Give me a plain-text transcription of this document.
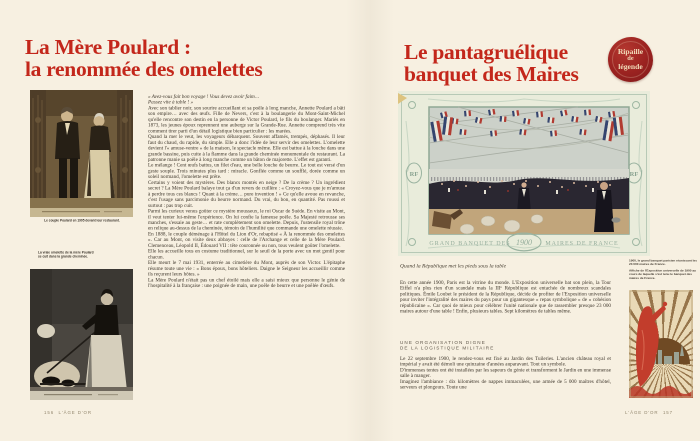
La Mère Poulard :
la renommée des omelettes
Le couple Poulard en 1905 devant leur restaurant.
La vraie omelette de la mère Poulard
se cuit dans la grande cheminée.

« Avez-vous fait bon voyage ! Vous devez avoir faim…

Passez vite à table ! »

Avec son tablier noir, son sourire accueillant et sa poêle à long manche, Annette Poulard a bâti son empire… avec des œufs. Fille de Nevers, c'est à la boulangerie du Mont-Saint-Michel qu'elle rencontre son destin en la personne de Victor Poulard, le fils du boulanger. Mariés en 1873, les jeunes époux reprennent une auberge sur la Grande-Rue. Annette comprend très vite comment tirer parti d'un détail logistique bien particulier : les marées.

Quand la mer le veut, les voyageurs débarquent. Souvent affamés, trempés, déphasés. Il leur faut du chaud, du rapide, du simple. Elle a donc l'idée de leur servir des omelettes. L'omelette devient l'« amuse-ventre » de la maison, le spectacle même. Elle est battue à la louche dans une grande bassine, puis cuite à la flamme dans la grande cheminée monumentale du restaurant. La patronne manie sa poêle à long manche comme un bâton de majorette. L'effet est garanti.

Le mélange ! Cent œufs battus, un filet d'eau, une belle louche de beurre. Le tout est versé d'un geste souple. Trois minutes plus tard : miracle. Gonflée comme un soufflé, dorée comme un soleil normand, l'omelette est prête.

Certains y voient des mystères. Des blancs montés en neige ? De la crème ? Un ingrédient secret ? La Mère Poulard balaye tout ça d'un revers de cuillère : « Croyez-vous que je m'amuse à perdre tous ces blancs ! Quant à la crème… pure invention ! » Ce qu'elle avoue en revanche, c'est l'usage sans parcimonie du beurre normand. Du vrai, du bon, en quantité. Pas roussi et surtout : pas trop cuit.

Parmi les curieux venus goûter ce mystère mousseux, le roi Oscar de Suède. En visite au Mont, il veut tenter lui-même l'expérience. On lui confie la fameuse poêle. Sa Majesté retrousse ses manches, s'essaie au geste… et rate complètement son omelette. Depuis, l'ustensile royal trône en relique au-dessus de la cheminée, témoin de l'humilité que commande une omelette réussie.

En 1888, le couple déménage à l'Hôtel du Lion d'Or, rebaptisé « À la renommée des omelettes ». Car au Mont, on visite deux abbayes : celle de l'Archange et celle de la Mère Poulard. Clemenceau, Léopold II, Édouard VII : tête couronnée ou non, tous veulent goûter l'omelette.

Elle les accueille tous en costume traditionnel, sur le seuil de la porte avec un mot gentil pour chacun.

Elle meurt le 7 mai 1931, enterrée au cimetière du Mont, auprès de son Victor. L'épitaphe résume toute une vie : « Bons époux, bons hôteliers. Daigne le Seigneur les accueillir comme ils reçurent leurs hôtes. »

La Mère Poulard n'était pas un chef étoilé mais elle a saisi mieux que personne le génie de l'hospitalité à la française : une poignée de main, une poêle de beurre et une poêlée d'œufs.

156 L'ÂGE D'OR
Le pantagruélique
banquet des Maires
Ripaille
de
légende
RF	RF
GRAND BANQUET DES 1900 MAIRES DE FRANCE
Quand la République met les pieds sous la table

En cette année 1900, Paris est la vitrine du monde. L'Exposition universelle bat son plein, la Tour Eiffel n'a plus rien d'un scandale mais la IIIᵉ République est entachée de nombreux scandales politiques. Émile Loubet le président de la République, décide de profiter de l'Exposition universelle pour inviter l'intégralité des maires du pays pour un gigantesque « repas symbolique » de « cohésion républicaine ». Car quoi de mieux pour célébrer l'unité nationale que de rassembler presque 23 000 maires autour d'une table ! Enfin, plusieurs tables. Sept kilomètres de tables même.

UNE ORGANISATION DIGNE
DE LA LOGISTIQUE MILITAIRE

Le 22 septembre 1900, le rendez-vous est fixé au Jardin des Tuileries. L'ancien château royal et impérial y avait été démoli une quinzaine d'années auparavant. Tout un symbole.

D'immenses tentes ont été installées par les sapeurs du génie et transforment le Jardin en une immense salle à manger.

Imaginez l'ambiance : dix kilomètres de nappes immaculées, une armée de 5 000 maîtres d'hôtel, serveurs et plongeurs. Toute une

1900, le grand banquet parisien réunissant les 23 000 maires de France.
Affiche de l'Exposition universelle de 1900 au cours de laquelle s'est tenu le banquet des maires de France.
L'ÂGE D'OR 157
